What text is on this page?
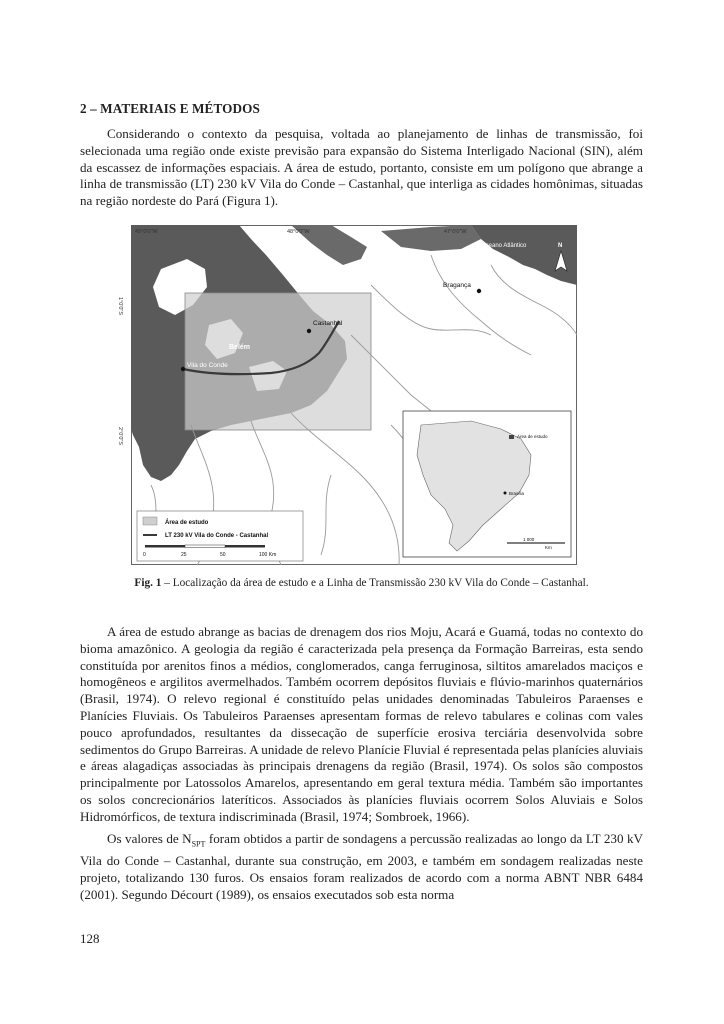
2 – MATERIAIS E MÉTODOS

Considerando o contexto da pesquisa, voltada ao planejamento de linhas de transmissão, foi selecionada uma região onde existe previsão para expansão do Sistema Interligado Nacional (SIN), além da escassez de informações espaciais. A área de estudo, portanto, consiste em um polígono que abrange a linha de transmissão (LT) 230 kV Vila do Conde – Castanhal, que interliga as cidades homônimas, situadas na região nordeste do Pará (Figura 1).

49°0'0"W	48°0'0"W	47°0'0"W
1°0'0"S
2°0'0"S
Oceano Atlântico	N
Bragança
Castanhal
Belém
Vila do Conde
Área de estudo
Brasília
1 000
Km
Área de estudo
LT 230 kV Vila do Conde - Castanhal
0	25	50	100 Km
Fig. 1 – Localização da área de estudo e a Linha de Transmissão 230 kV Vila do Conde – Castanhal.

A área de estudo abrange as bacias de drenagem dos rios Moju, Acará e Guamá, todas no contexto do bioma amazônico. A geologia da região é caracterizada pela presença da Formação Barreiras, esta sendo constituída por arenitos finos a médios, conglomerados, canga ferruginosa, siltitos amarelados maciços e homogêneos e argilitos avermelhados. Também ocorrem depósitos fluviais e flúvio-marinhos quaternários (Brasil, 1974). O relevo regional é constituído pelas unidades denominadas Tabuleiros Paraenses e Planícies Fluviais. Os Tabuleiros Paraenses apresentam formas de relevo tabulares e colinas com vales pouco aprofundados, resultantes da dissecação de superfície erosiva terciária desenvolvida sobre sedimentos do Grupo Barreiras. A unidade de relevo Planície Fluvial é representada pelas planícies aluviais e áreas alagadiças associadas às principais drenagens da região (Brasil, 1974). Os solos são compostos principalmente por Latossolos Amarelos, apresentando em geral textura média. Também são importantes os solos concrecionários lateríticos. Associados às planícies fluviais ocorrem Solos Aluviais e Solos Hidromórficos, de textura indiscriminada (Brasil, 1974; Sombroek, 1966).

Os valores de $N_{SPT}$ foram obtidos a partir de sondagens a percussão realizadas ao longo da LT 230 kV Vila do Conde – Castanhal, durante sua construção, em 2003, e também em sondagem realizadas neste projeto, totalizando 130 furos. Os ensaios foram realizados de acordo com a norma ABNT NBR 6484 (2001). Segundo Décourt (1989), os ensaios executados sob esta norma

128
